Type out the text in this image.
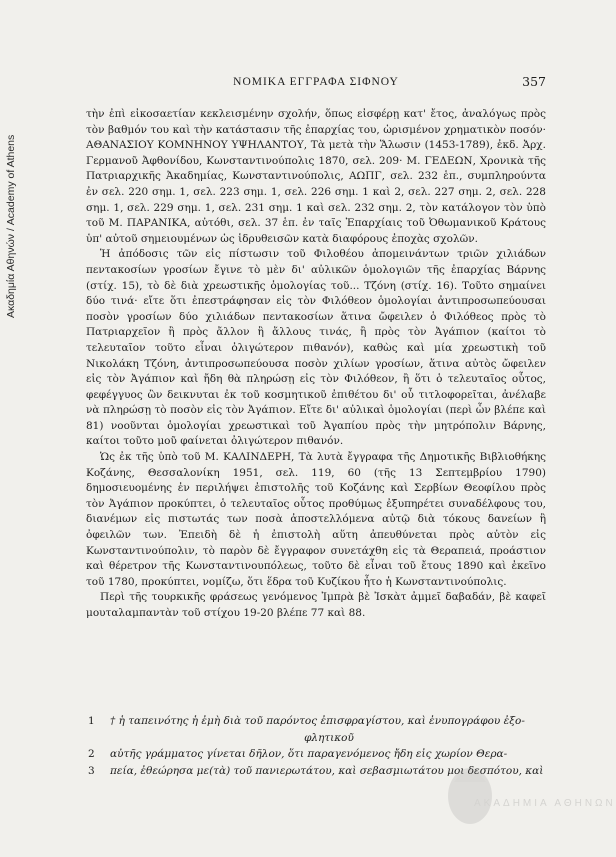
Ακαδημία Αθηνών / Academy of Athens
ΝΟΜΙΚΑ ΕΓΓΡΑΦΑ ΣΙΦΝΟΥ	357

τὴν ἐπὶ εἰκοσαετίαν κεκλεισμένην σχολήν, ὅπως εἰσφέρῃ κατ' ἔτος, ἀναλόγως πρὸς τὸν βαθμόν του καὶ τὴν κατάστασιν τῆς ἐπαρχίας του, ὡρισμένον χρηματικὸν ποσόν· ΑΘΑΝΑΣΙΟΥ ΚΟΜΝΗΝΟΥ ΥΨΗΛΑΝΤΟΥ, Τὰ μετὰ τὴν Ἅλωσιν (1453-1789), ἐκδ. Ἀρχ. Γερμανοῦ Ἀφθονίδου, Κωνσταντινούπολις 1870, σελ. 209· Μ. ΓΕΔΕΩΝ, Χρονικὰ τῆς Πατριαρχικῆς Ἀκαδημίας, Κωνσταντινούπολις, ΑΩΠΓ, σελ. 232 ἑπ., συμπληρούντα ἐν σελ. 220 σημ. 1, σελ. 223 σημ. 1, σελ. 226 σημ. 1 καὶ 2, σελ. 227 σημ. 2, σελ. 228 σημ. 1, σελ. 229 σημ. 1, σελ. 231 σημ. 1 καὶ σελ. 232 σημ. 2, τὸν κατάλογον τὸν ὑπὸ τοῦ Μ. ΠΑΡΑΝΙΚΑ, αὐτόθι, σελ. 37 ἑπ. ἐν ταῖς Ἐπαρχίαις τοῦ Ὀθωμανικοῦ Κράτους ὑπ' αὐτοῦ σημειουμένων ὡς ἱδρυθεισῶν κατὰ διαφόρους ἐποχὰς σχολῶν.

Ἡ ἀπόδοσις τῶν εἰς πίστωσιν τοῦ Φιλοθέου ἀπομεινάντων τριῶν χιλιάδων πεντακοσίων γροσίων ἔγινε τὸ μὲν δι' αὐλικῶν ὁμολογιῶν τῆς ἐπαρχίας Βάρνης (στίχ. 15), τὸ δὲ διὰ χρεωστικῆς ὁμολογίας τοῦ... Τζόνη (στίχ. 16). Τοῦτο σημαίνει δύο τινά· εἴτε ὅτι ἐπεστράφησαν εἰς τὸν Φιλόθεον ὁμολογίαι ἀντιπροσωπεύουσαι ποσὸν γροσίων δύο χιλιάδων πεντακοσίων ἅτινα ὤφειλεν ὁ Φιλόθεος πρὸς τὸ Πατριαρχεῖον ἢ πρὸς ἄλλον ἢ ἄλλους τινάς, ἢ πρὸς τὸν Ἀγάπιον (καίτοι τὸ τελευταῖον τοῦτο εἶναι ὀλιγώτερον πιθανόν), καθὼς καὶ μία χρεωστικὴ τοῦ Νικολάκη Τζόνη, ἀντιπροσωπεύουσα ποσὸν χιλίων γροσίων, ἅτινα αὐτὸς ὤφειλεν εἰς τὸν Ἀγάπιον καὶ ἤδη θὰ πληρώσῃ εἰς τὸν Φιλόθεον, ἢ ὅτι ὁ τελευταῖος οὗτος, φεφέγγυος ὢν δεικνυται ἐκ τοῦ κοσμητικοῦ ἐπιθέτου δι' οὗ τιτλοφορεῖται, ἀνέλαβε νὰ πληρώσῃ τὸ ποσὸν εἰς τὸν Ἀγάπιον. Εἴτε δι' αὐλικαὶ ὁμολογίαι (περὶ ὧν βλέπε καὶ 81) νοοῦνται ὁμολογίαι χρεωστικαὶ τοῦ Ἀγαπίου πρὸς τὴν μητρόπολιν Βάρνης, καίτοι τοῦτο μοῦ φαίνεται ὀλιγώτερον πιθανόν.

Ὡς ἐκ τῆς ὑπὸ τοῦ Μ. ΚΑΛΙΝΔΕΡΗ, Τὰ λυτὰ ἔγγραφα τῆς Δημοτικῆς Βιβλιοθήκης Κοζάνης, Θεσσαλονίκη 1951, σελ. 119, 60 (τῆς 13 Σεπτεμβρίου 1790) δημοσιευομένης ἐν περιλήψει ἐπιστολῆς τοῦ Κοζάνης καὶ Σερβίων Θεοφίλου πρὸς τὸν Ἀγάπιον προκύπτει, ὁ τελευταῖος οὗτος προθύμως ἐξυπηρέτει συναδέλφους του, διανέμων εἰς πιστωτάς των ποσὰ ἀποστελλόμενα αὐτῷ διὰ τόκους δανείων ἢ ὀφειλῶν των. Ἐπειδὴ δὲ ἡ ἐπιστολὴ αὕτη ἀπευθύνεται πρὸς αὐτὸν εἰς Κωνσταντινούπολιν, τὸ παρὸν δὲ ἔγγραφον συνετάχθη εἰς τὰ Θεραπειά, προάστιον καὶ θέρετρον τῆς Κωνσταντινουπόλεως, τοῦτο δὲ εἶναι τοῦ ἔτους 1890 καὶ ἐκεῖνο τοῦ 1780, προκύπτει, νομίζω, ὅτι ἕδρα τοῦ Κυζίκου ἦτο ἡ Κωνσταντινούπολις.

Περὶ τῆς τουρκικῆς φράσεως γενόμενος Ἰμπρὰ βὲ Ἰσκὰτ ἀμμεῖ δαβαδάν, βὲ καφεῖ μουταλαμπαντὰν τοῦ στίχου 19-20 βλέπε 77 καὶ 88.

1	† ἡ ταπεινότης ἡ ἐμὴ διὰ τοῦ παρόντος ἐπισφραγίστου, καὶ ἐνυπογράφου ἐξο-
φλητικοῦ
2	αὐτῆς γράμματος γίνεται δῆλον, ὅτι παραγενόμενος ἤδη εἰς χωρίον Θερα-
3	πεία, ἐθεώρησα με(τὰ) τοῦ πανιερωτάτου, καὶ σεβασμιωτάτου μοι δεσπότου, καὶ
ΑΚΑΔΗΜΙΑ ΑΘΗΝΩΝ
